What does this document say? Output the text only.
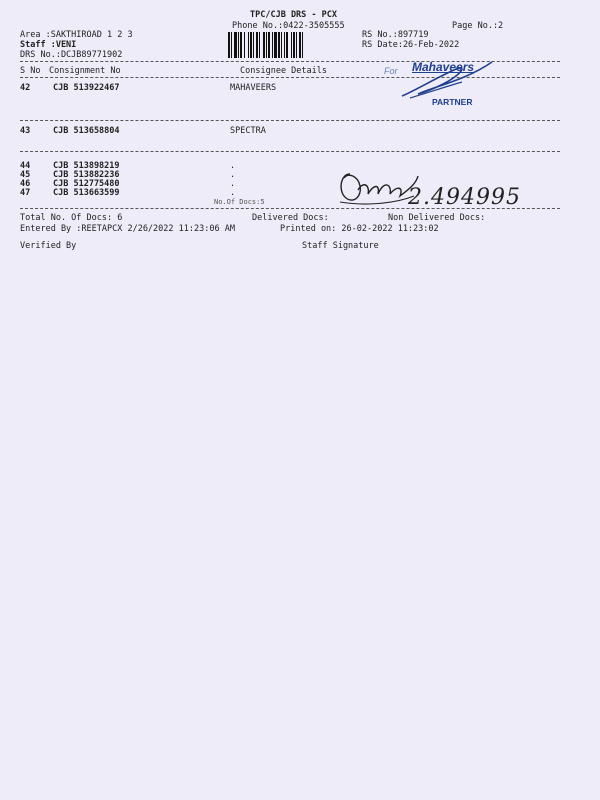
TPC/CJB DRS - PCX
Phone No.:0422-3505555	Page No.:2
Area :SAKTHIROAD 1 2 3
Staff :VENI
DRS No.:DCJB89771902
RS No.:897719
RS Date:26-Feb-2022
S No Consignment No	Consignee Details
42	CJB 513922467	MAHAVEERS
43	CJB 513658804	SPECTRA
44	CJB 513898219	.
45	CJB 513882236	.
46	CJB 512775480	.
47	CJB 513663599	.
No.Of Docs:5
Total No. Of Docs: 6	Delivered Docs:	Non Delivered Docs:
Entered By :REETAPCX 2/26/2022 11:23:06 AM	Printed on: 26-02-2022 11:23:02
Verified By	Staff Signature
For Mahaveers
PARTNER
2.494995
